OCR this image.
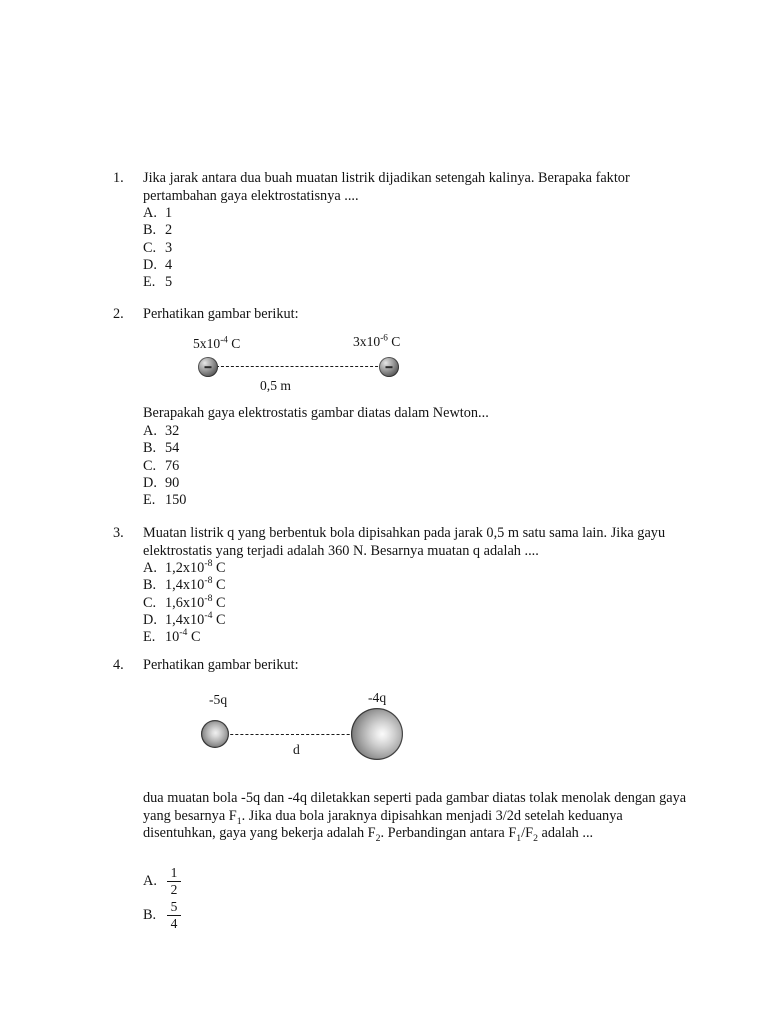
1.	Jika jarak antara dua buah muatan listrik dijadikan setengah kalinya. Berapaka faktor pertambahan gaya elektrostatisnya ....
A. 1
B. 2
C. 3
D. 4
E. 5
2.	Perhatikan gambar berikut:
$5x10^{-4}$ C	$3x10^{-6}$ C
0,5 m
Berapakah gaya elektrostatis gambar diatas dalam Newton...
A. 32
B. 54
C. 76
D. 90
E. 150
3.	Muatan listrik q yang berbentuk bola dipisahkan pada jarak 0,5 m satu sama lain. Jika gayu elektrostatis yang terjadi adalah 360 N. Besarnya muatan q adalah ....
A. $1,2x10^{-8}$ C
B. $1,4x10^{-8}$ C
C. $1,6x10^{-8}$ C
D. $1,4x10^{-4}$ C
E. $10^{-4}$ C
4.	Perhatikan gambar berikut:
-5q	-4q
d
dua muatan bola -5q dan -4q diletakkan seperti pada gambar diatas tolak menolak dengan gaya yang besarnya $F_1$. Jika dua bola jaraknya dipisahkan menjadi 3/2d setelah keduanya disentuhkan, gaya yang bekerja adalah $F_2$. Perbandingan antara $F_1/F_2$ adalah ...
A. $\frac{1}{2}$
B. $\frac{5}{4}$
